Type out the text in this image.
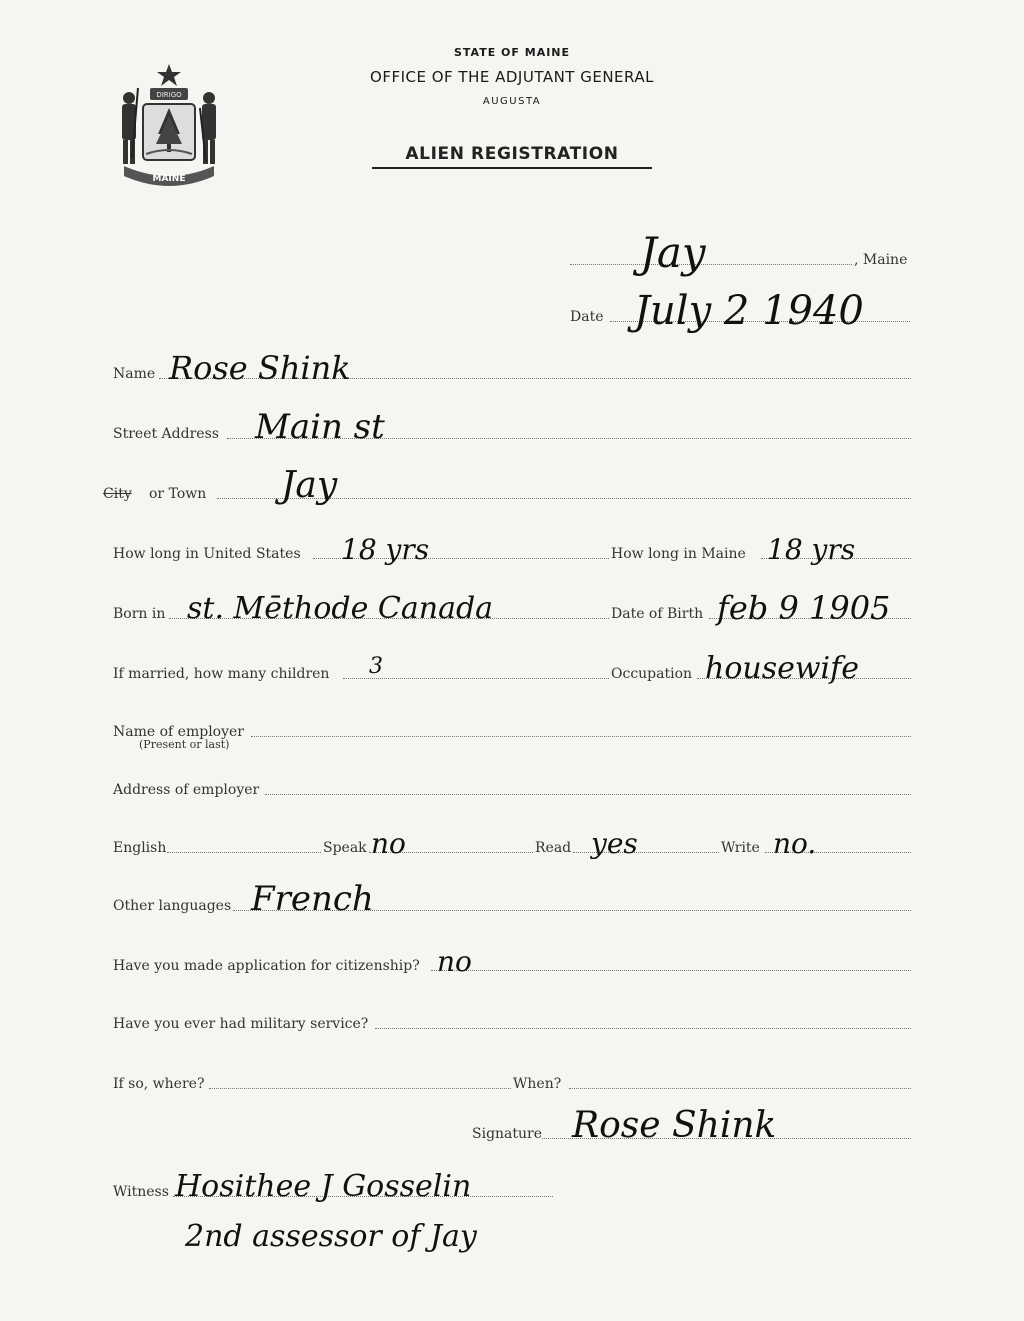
DIRIGO
MAINE
STATE OF MAINE
OFFICE OF THE ADJUTANT GENERAL
AUGUSTA
ALIEN REGISTRATION
Jay	, Maine
Date July 2 1940
Name Rose Shink
Street Address Main st
City or Town Jay
How long in United States 18 yrs	How long in Maine 18 yrs
Born in st. Mēthode Canada	Date of Birth feb 9 1905
If married, how many children 3	Occupation housewife
Name of employer
(Present or last)
Address of employer
English	Speak no	Read yes	Write no.
Other languages French
Have you made application for citizenship? no
Have you ever had military service?
If so, where?	When?
Signature Rose Shink
Witness Hosithee J Gosselin
2nd assessor of Jay
